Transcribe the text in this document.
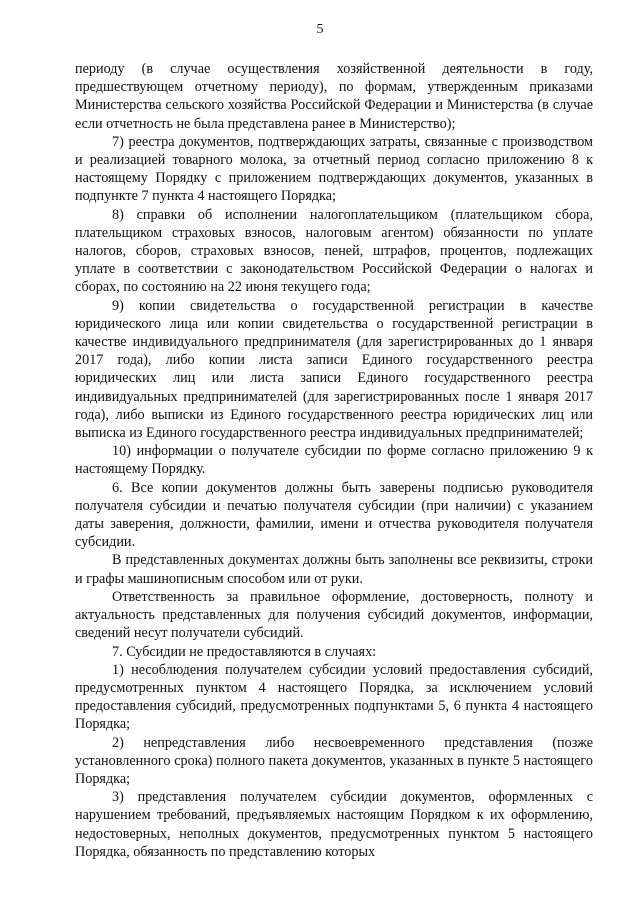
5

периоду (в случае осуществления хозяйственной деятельности в году, предшествующем отчетному периоду), по формам, утвержденным приказами Министерства сельского хозяйства Российской Федерации и Министерства (в случае если отчетность не была представлена ранее в Министерство);

7) реестра документов, подтверждающих затраты, связанные с производством и реализацией товарного молока, за отчетный период согласно приложению 8 к настоящему Порядку с приложением подтверждающих документов, указанных в подпункте 7 пункта 4 настоящего Порядка;

8) справки об исполнении налогоплательщиком (плательщиком сбора, плательщиком страховых взносов, налоговым агентом) обязанности по уплате налогов, сборов, страховых взносов, пеней, штрафов, процентов, подлежащих уплате в соответствии с законодательством Российской Федерации о налогах и сборах, по состоянию на 22 июня текущего года;

9) копии свидетельства о государственной регистрации в качестве юридического лица или копии свидетельства о государственной регистрации в качестве индивидуального предпринимателя (для зарегистрированных до 1 января 2017 года), либо копии листа записи Единого государственного реестра юридических лиц или листа записи Единого государственного реестра индивидуальных предпринимателей (для зарегистрированных после 1 января 2017 года), либо выписки из Единого государственного реестра юридических лиц или выписка из Единого государственного реестра индивидуальных предпринимателей;

10) информации о получателе субсидии по форме согласно приложению 9 к настоящему Порядку.

6. Все копии документов должны быть заверены подписью руководителя получателя субсидии и печатью получателя субсидии (при наличии) с указанием даты заверения, должности, фамилии, имени и отчества руководителя получателя субсидии.

В представленных документах должны быть заполнены все реквизиты, строки и графы машинописным способом или от руки.

Ответственность за правильное оформление, достоверность, полноту и актуальность представленных для получения субсидий документов, информации, сведений несут получатели субсидий.

7. Субсидии не предоставляются в случаях:

1) несоблюдения получателем субсидии условий предоставления субсидий, предусмотренных пунктом 4 настоящего Порядка, за исключением условий предоставления субсидий, предусмотренных подпунктами 5, 6 пункта 4 настоящего Порядка;

2) непредставления либо несвоевременного представления (позже установленного срока) полного пакета документов, указанных в пункте 5 настоящего Порядка;

3) представления получателем субсидии документов, оформленных с нарушением требований, предъявляемых настоящим Порядком к их оформлению, недостоверных, неполных документов, предусмотренных пунктом 5 настоящего Порядка, обязанность по представлению которых
